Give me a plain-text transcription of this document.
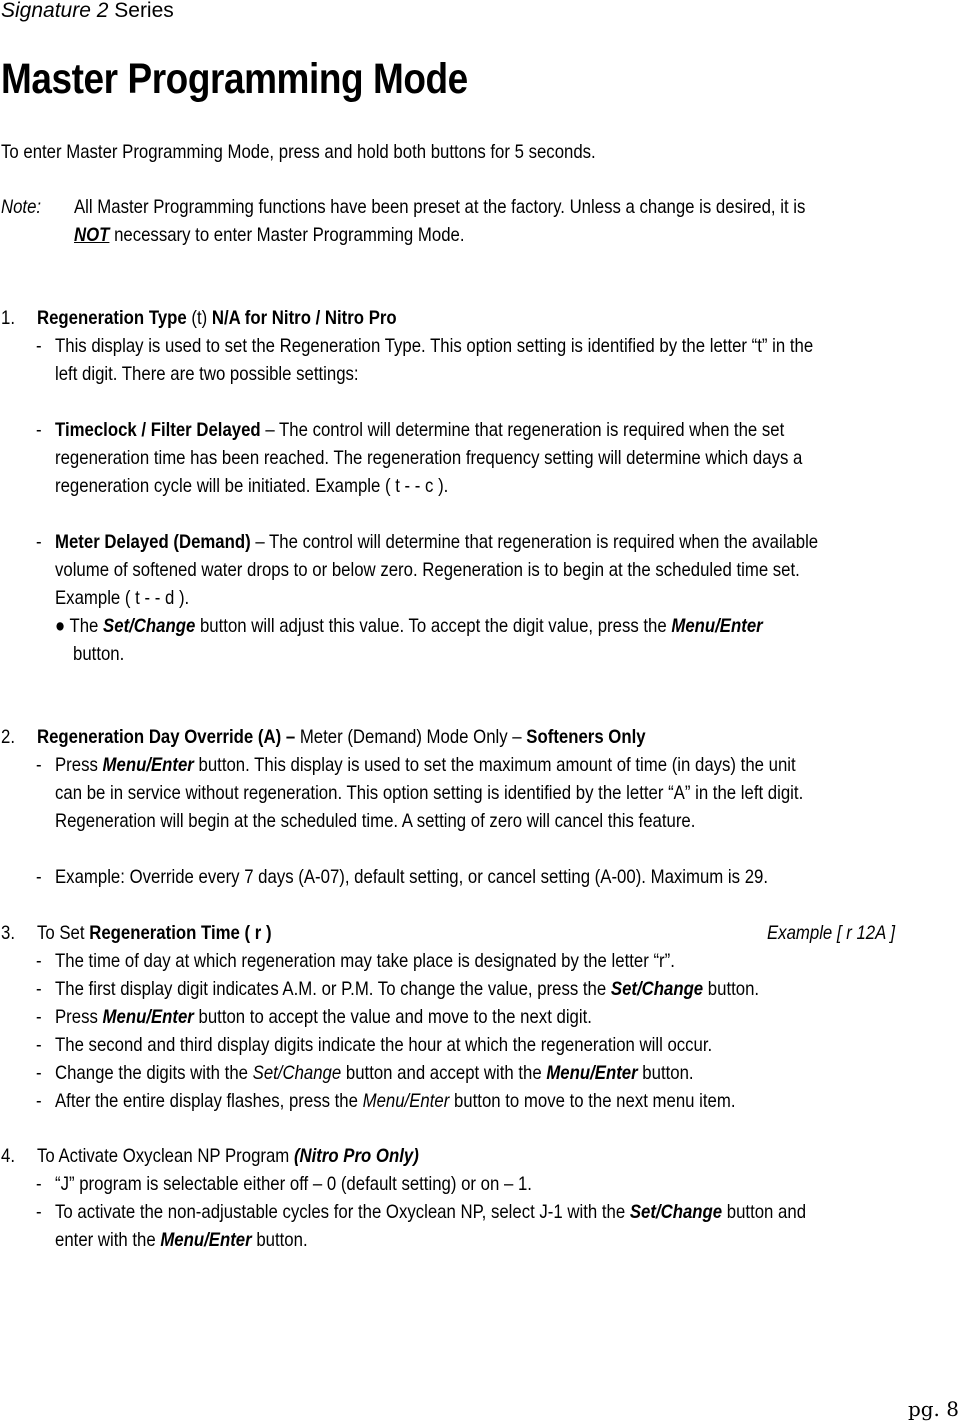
Signature 2 Series
Master Programming Mode
To enter Master Programming Mode, press and hold both buttons for 5 seconds.
Note: All Master Programming functions have been preset at the factory. Unless a change is desired, it is
NOT necessary to enter Master Programming Mode.
1. Regeneration Type (t) N/A for Nitro / Nitro Pro
- This display is used to set the Regeneration Type. This option setting is identified by the letter “t” in the
left digit. There are two possible settings:
- Timeclock / Filter Delayed – The control will determine that regeneration is required when the set
regeneration time has been reached. The regeneration frequency setting will determine which days a
regeneration cycle will be initiated. Example ( t - - c ).
- Meter Delayed (Demand) – The control will determine that regeneration is required when the available
volume of softened water drops to or below zero. Regeneration is to begin at the scheduled time set.
Example ( t - - d ).
● The Set/Change button will adjust this value. To accept the digit value, press the Menu/Enter
button.
2. Regeneration Day Override (A) – Meter (Demand) Mode Only – Softeners Only
- Press Menu/Enter button. This display is used to set the maximum amount of time (in days) the unit
can be in service without regeneration. This option setting is identified by the letter “A” in the left digit.
Regeneration will begin at the scheduled time. A setting of zero will cancel this feature.
- Example: Override every 7 days (A-07), default setting, or cancel setting (A-00). Maximum is 29.
3. To Set Regeneration Time ( r )	Example [ r 12A ]
- The time of day at which regeneration may take place is designated by the letter “r”.
- The first display digit indicates A.M. or P.M. To change the value, press the Set/Change button.
- Press Menu/Enter button to accept the value and move to the next digit.
- The second and third display digits indicate the hour at which the regeneration will occur.
- Change the digits with the Set/Change button and accept with the Menu/Enter button.
- After the entire display flashes, press the Menu/Enter button to move to the next menu item.
4. To Activate Oxyclean NP Program (Nitro Pro Only)
- “J” program is selectable either off – 0 (default setting) or on – 1.
- To activate the non-adjustable cycles for the Oxyclean NP, select J-1 with the Set/Change button and
enter with the Menu/Enter button.
pg. 8
